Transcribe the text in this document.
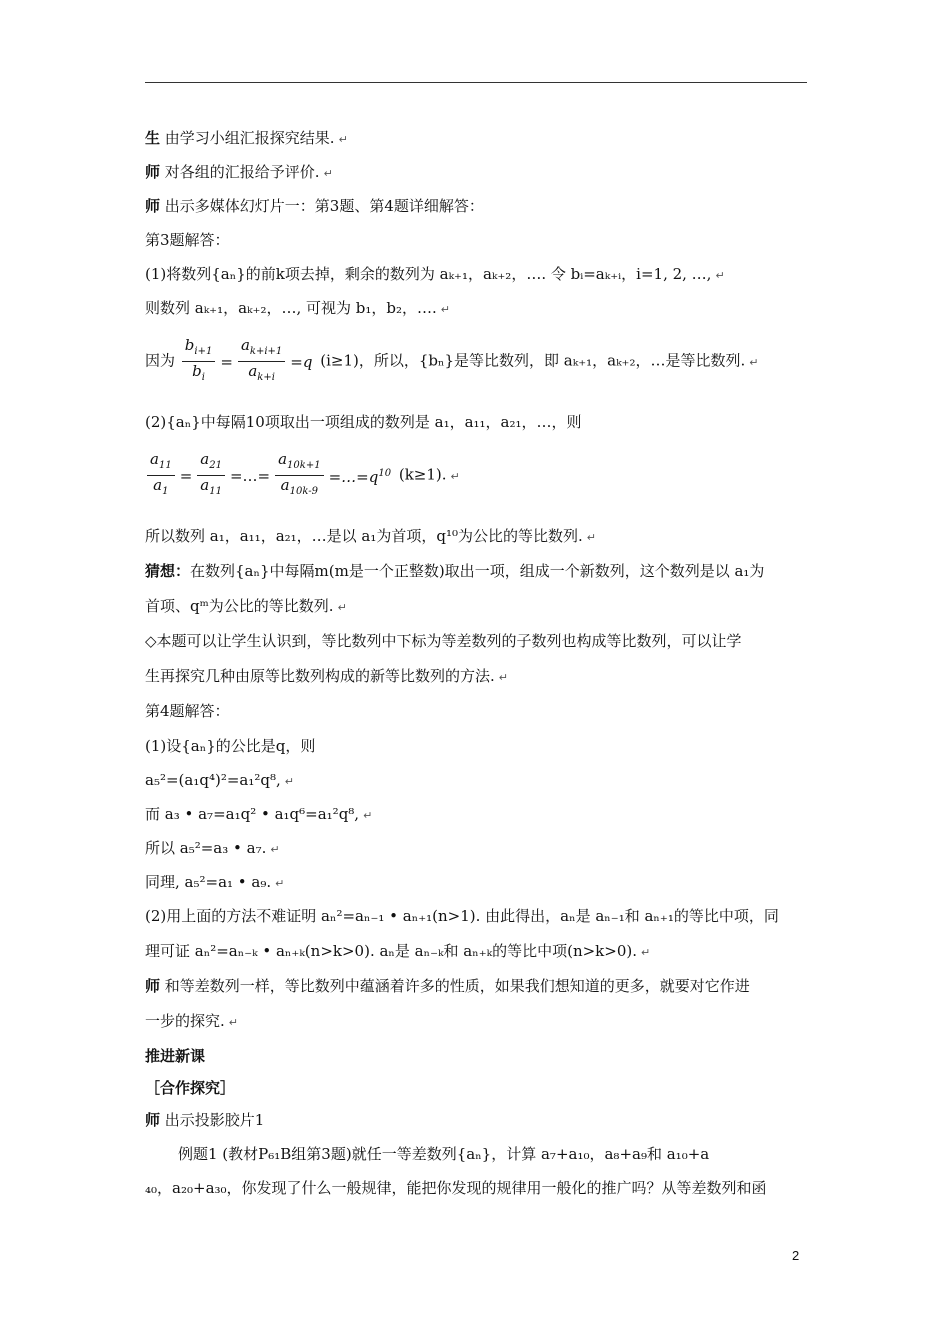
生 由学习小组汇报探究结果. ↵
师 对各组的汇报给予评价. ↵
师 出示多媒体幻灯片一：第3题、第4题详细解答：
第3题解答：
(1)将数列{aₙ}的前k项去掉，剩余的数列为 aₖ₊₁，aₖ₊₂，…. 令 bᵢ=aₖ₊ᵢ，i=1, 2, …, ↵
则数列 aₖ₊₁，aₖ₊₂，…, 可视为 b₁，b₂，…. ↵
因为 $\frac{b_{i+1}}{b_i} = \frac{a_{k+i+1}}{a_{k+i}} =q$ (i≥1)，所以，{bₙ}是等比数列，即 aₖ₊₁，aₖ₊₂，…是等比数列. ↵
(2){aₙ}中每隔10项取出一项组成的数列是 a₁，a₁₁，a₂₁，…，则
$\frac{a_{11}}{a_1} = \frac{a_{21}}{a_{11}}$ =…= $\frac{a_{10k+1}}{a_{10k-9}}$ $=\dots=q^{10}$ (k≥1). ↵
所以数列 a₁，a₁₁，a₂₁，…是以 a₁为首项，q¹⁰为公比的等比数列. ↵
猜想：在数列{aₙ}中每隔m(m是一个正整数)取出一项，组成一个新数列，这个数列是以 a₁为
首项、qᵐ为公比的等比数列. ↵
◇本题可以让学生认识到，等比数列中下标为等差数列的子数列也构成等比数列，可以让学
生再探究几种由原等比数列构成的新等比数列的方法. ↵
第4题解答：
(1)设{aₙ}的公比是q，则
a₅²=(a₁q⁴)²=a₁²q⁸, ↵
而 a₃ • a₇=a₁q² • a₁q⁶=a₁²q⁸, ↵
所以 a₅²=a₃ • a₇. ↵
同理, a₅²=a₁ • a₉. ↵
(2)用上面的方法不难证明 aₙ²=aₙ₋₁ • aₙ₊₁(n>1). 由此得出，aₙ是 aₙ₋₁和 aₙ₊₁的等比中项，同
理可证 aₙ²=aₙ₋ₖ • aₙ₊ₖ(n>k>0). aₙ是 aₙ₋ₖ和 aₙ₊ₖ的等比中项(n>k>0). ↵
师 和等差数列一样，等比数列中蕴涵着许多的性质，如果我们想知道的更多，就要对它作进
一步的探究. ↵
推进新课
［合作探究］
师 出示投影胶片1
例题1 (教材P₆₁B组第3题)就任一等差数列{aₙ}，计算 a₇+a₁₀，a₈+a₉和 a₁₀+a
₄₀，a₂₀+a₃₀，你发现了什么一般规律，能把你发现的规律用一般化的推广吗？从等差数列和函
2
